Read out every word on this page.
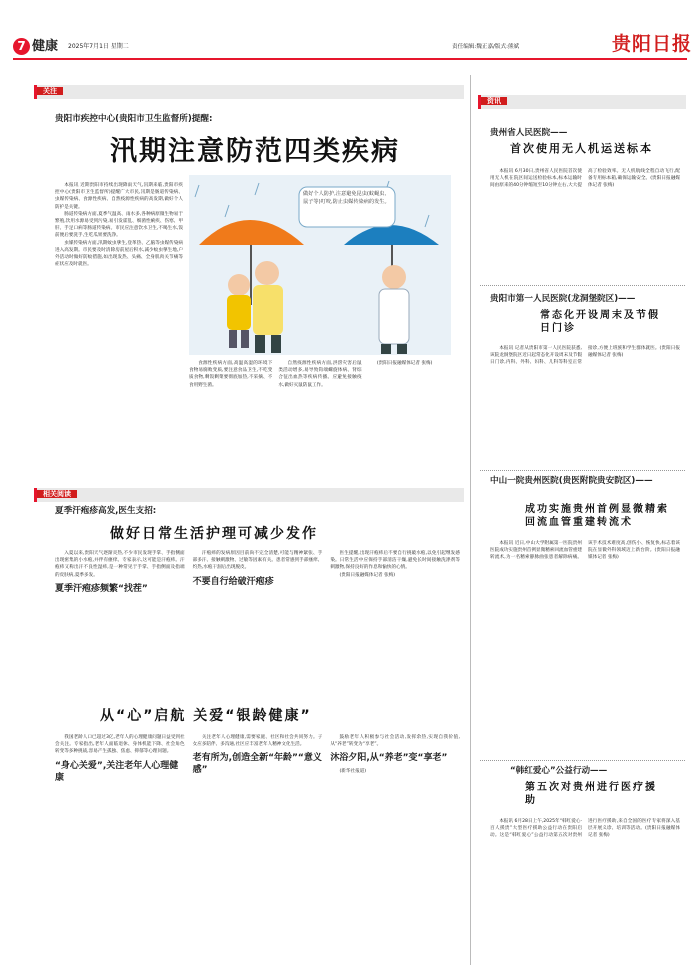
7 健康 2025年7月1日 星期二	责任编辑:魏正嘉/版式:熊斌	贵阳日报
关注
贵阳市疾控中心(贵阳市卫生监督所)提醒:
汛期注意防范四类疾病

本报讯 近期贵阳市持续出现降雨天气,汛期来临,贵阳市疾控中心(贵阳市卫生监督所)提醒广大市民,汛期是肠道传染病、虫媒传染病、食源性疾病、自然疫源性疾病的高发期,做好个人防护是关键。

肠道传染病方面,夏季气温高、雨水多,各种病原微生物易于繁殖,饮用水源易受到污染,易引发霍乱、细菌性痢疾、伤寒、甲肝、手足口病等肠道传染病。市民应注意饮水卫生,不喝生水,饭前便后要洗手,生吃瓜果要洗净。

虫媒传染病方面,汛期蚊虫孳生,登革热、乙脑等虫媒传染病进入高发期。市民要及时清除房前屋后积水,减少蚊虫孳生地,户外活动时做好防蚊措施,如出现发热、头痛、全身肌肉关节痛等症状应及时就医。

做好个人防护,注意避免昆虫(蚊蝇虫、鼠子等)叮咬,防止虫媒传染病的发生。

食源性疾病方面,高温高湿的环境下食物易腐败变质,要注意食品卫生,不吃变质食物,剩饭剩菜要彻底加热,不采摘、不食用野生菌。

自然疫源性疾病方面,洪涝灾害后鼠类活动增多,易导致钩端螺旋体病、肾综合征出血热等疾病传播。应避免接触疫水,做好灭鼠防鼠工作。

(贵阳日报融媒体记者 张梅)

相关阅读
夏季汗疱疹高发,医生支招:
做好日常生活护理可减少发作

入夏以来,贵阳天气逐渐炎热,不少市民发现手掌、手指侧面出现密集的小水疱,并伴有瘙痒。专家表示,这可能是汗疱疹。汗疱疹又称出汗不良性湿疹,是一种常见于手掌、手指侧面及指端的皮肤病,夏季多发。

夏季汗疱疹频繁“找茬”

汗疱疹的发病原因目前尚不完全清楚,可能与精神紧张、手部多汗、接触刺激物、过敏等因素有关。患者常感到手部瘙痒、灼热,水疱干涸后出现脱皮。

不要自行给破汗疱疹

医生提醒,出现汗疱疹后不要自行挑破水疱,以免引起继发感染。日常生活中应保持手部清洁干燥,避免长时间接触洗涤剂等刺激物,保持良好的作息和愉快的心情。

(贵阳日报融媒体记者 张梅)

从“心”启航 关爱“银龄健康”

我国老龄人口已超过3亿,老年人的心理健康问题日益受到社会关注。专家指出,老年人面临退休、身体机能下降、社会角色转变等多种挑战,容易产生孤独、焦虑、抑郁等心理问题。

“身心关爱”,关注老年人心理健康

关注老年人心理健康,需要家庭、社区和社会共同努力。子女应多陪伴、多沟通,社区应丰富老年人精神文化生活。

老有所为,创造全新“年龄”“意义感”

鼓励老年人积极参与社会活动,发挥余热,实现自我价值,从“养老”转变为“享老”。

沐浴夕阳,从“养老”变“享老”

(新华社报道)

资讯
贵州省人民医院——
首次使用无人机运送标本

本报讯 6月30日,贵州省人民医院首次使用无人机在院区间运送检验标本,标本运输时间由原来的40分钟缩短至10分钟左右,大大提高了检验效率。无人机航线全程自动飞行,配备专用标本箱,确保运输安全。(贵阳日报融媒体记者 张梅)

贵阳市第一人民医院(龙洞堡院区)——
常态化开设周末及节假日门诊

本报讯 记者从贵阳市第一人民医院获悉,该院龙洞堡院区近日起常态化开设周末及节假日门诊,内科、外科、妇科、儿科等科室正常接诊,方便上班族和学生群体就医。(贵阳日报融媒体记者 张梅)

中山一院贵州医院(贵医附院贵安院区)——
成功实施贵州首例显微精索回流血管重建转流术

本报讯 近日,中山大学附属第一医院贵州医院成功实施贵州首例显微精索回流血管重建转流术,为一名精索静脉曲张患者解除病痛。该手术技术难度高,创伤小、恢复快,标志着该院在显微外科领域迈上新台阶。(贵阳日报融媒体记者 张梅)

“韩红爱心”公益行动——
第五次对贵州进行医疗援助

本报讯 6月28日上午,2025年“韩红爱心·百人援贵”大型医疗援助公益行动在贵阳启动。这是“韩红爱心”公益行动第五次对贵州进行医疗援助,来自全国的医疗专家将深入基层开展义诊、培训等活动。(贵阳日报融媒体记者 张梅)
